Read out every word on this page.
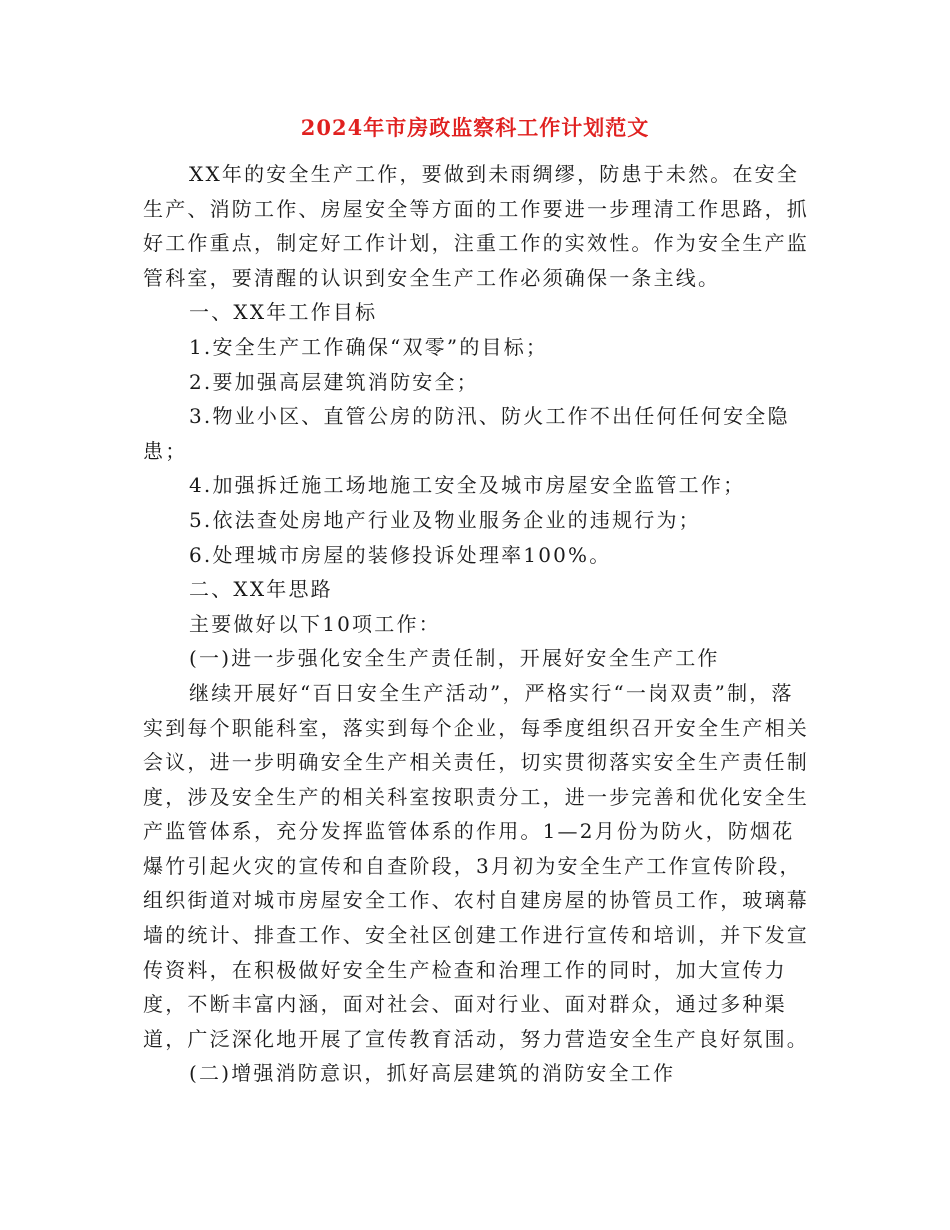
2024年市房政监察科工作计划范文

XX年的安全生产工作，要做到未雨绸缪，防患于未然。在安全生产、消防工作、房屋安全等方面的工作要进一步理清工作思路，抓好工作重点，制定好工作计划，注重工作的实效性。作为安全生产监管科室，要清醒的认识到安全生产工作必须确保一条主线。

一、XX年工作目标

1.安全生产工作确保“双零”的目标；

2.要加强高层建筑消防安全；

3.物业小区、直管公房的防汛、防火工作不出任何任何安全隐患；

4.加强拆迁施工场地施工安全及城市房屋安全监管工作；

5.依法查处房地产行业及物业服务企业的违规行为；

6.处理城市房屋的装修投诉处理率100%。

二、XX年思路

主要做好以下10项工作：

(一)进一步强化安全生产责任制，开展好安全生产工作

继续开展好“百日安全生产活动”，严格实行“一岗双责”制，落实到每个职能科室，落实到每个企业，每季度组织召开安全生产相关会议，进一步明确安全生产相关责任，切实贯彻落实安全生产责任制度，涉及安全生产的相关科室按职责分工，进一步完善和优化安全生产监管体系，充分发挥监管体系的作用。1—2月份为防火，防烟花爆竹引起火灾的宣传和自查阶段，3月初为安全生产工作宣传阶段，组织街道对城市房屋安全工作、农村自建房屋的协管员工作，玻璃幕墙的统计、排查工作、安全社区创建工作进行宣传和培训，并下发宣传资料，在积极做好安全生产检查和治理工作的同时，加大宣传力度，不断丰富内涵，面对社会、面对行业、面对群众，通过多种渠道，广泛深化地开展了宣传教育活动，努力营造安全生产良好氛围。

(二)增强消防意识，抓好高层建筑的消防安全工作
